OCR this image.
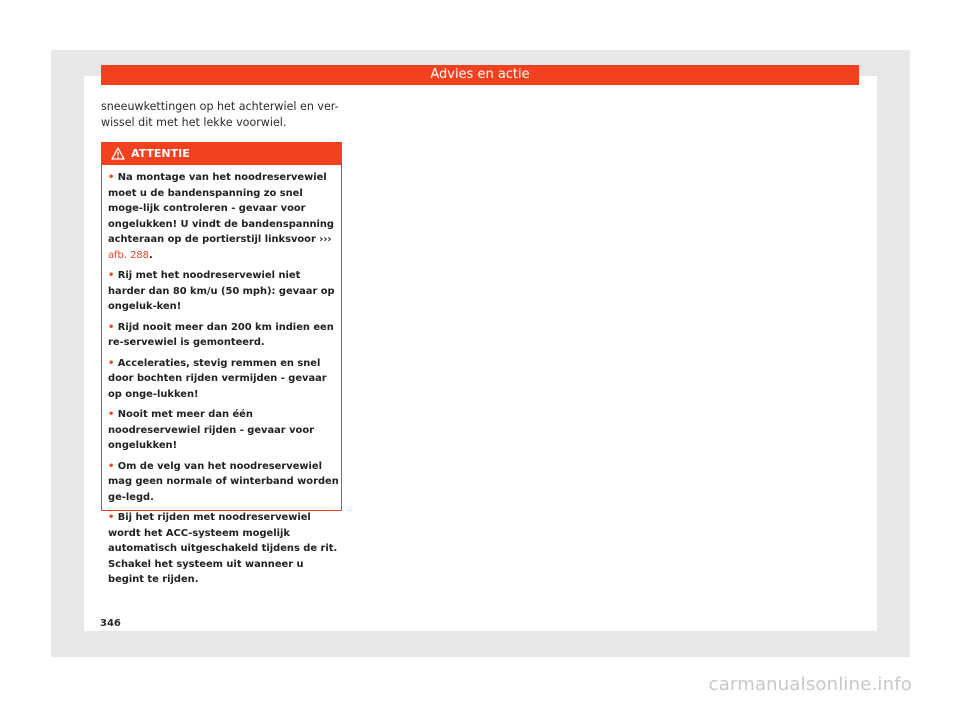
Advies en actie

sneeuwkettingen op het achterwiel en ver-
wissel dit met het lekke voorwiel.

ATTENTIE
• Na montage van het noodreservewiel moet u de bandenspanning zo snel moge-lijk controleren - gevaar voor ongelukken! U vindt de bandenspanning achteraan op de portierstijl linksvoor ››› afb. 288.
• Rij met het noodreservewiel niet harder dan 80 km/u (50 mph): gevaar op ongeluk-ken!
• Rijd nooit meer dan 200 km indien een re-servewiel is gemonteerd.
• Acceleraties, stevig remmen en snel door bochten rijden vermijden - gevaar op onge-lukken!
• Nooit met meer dan één noodreservewiel rijden - gevaar voor ongelukken!
• Om de velg van het noodreservewiel mag geen normale of winterband worden ge-legd.
• Bij het rijden met noodreservewiel wordt het ACC-systeem mogelijk automatisch uitgeschakeld tijdens de rit. Schakel het systeem uit wanneer u begint te rijden.
346
carmanualsonline.info
